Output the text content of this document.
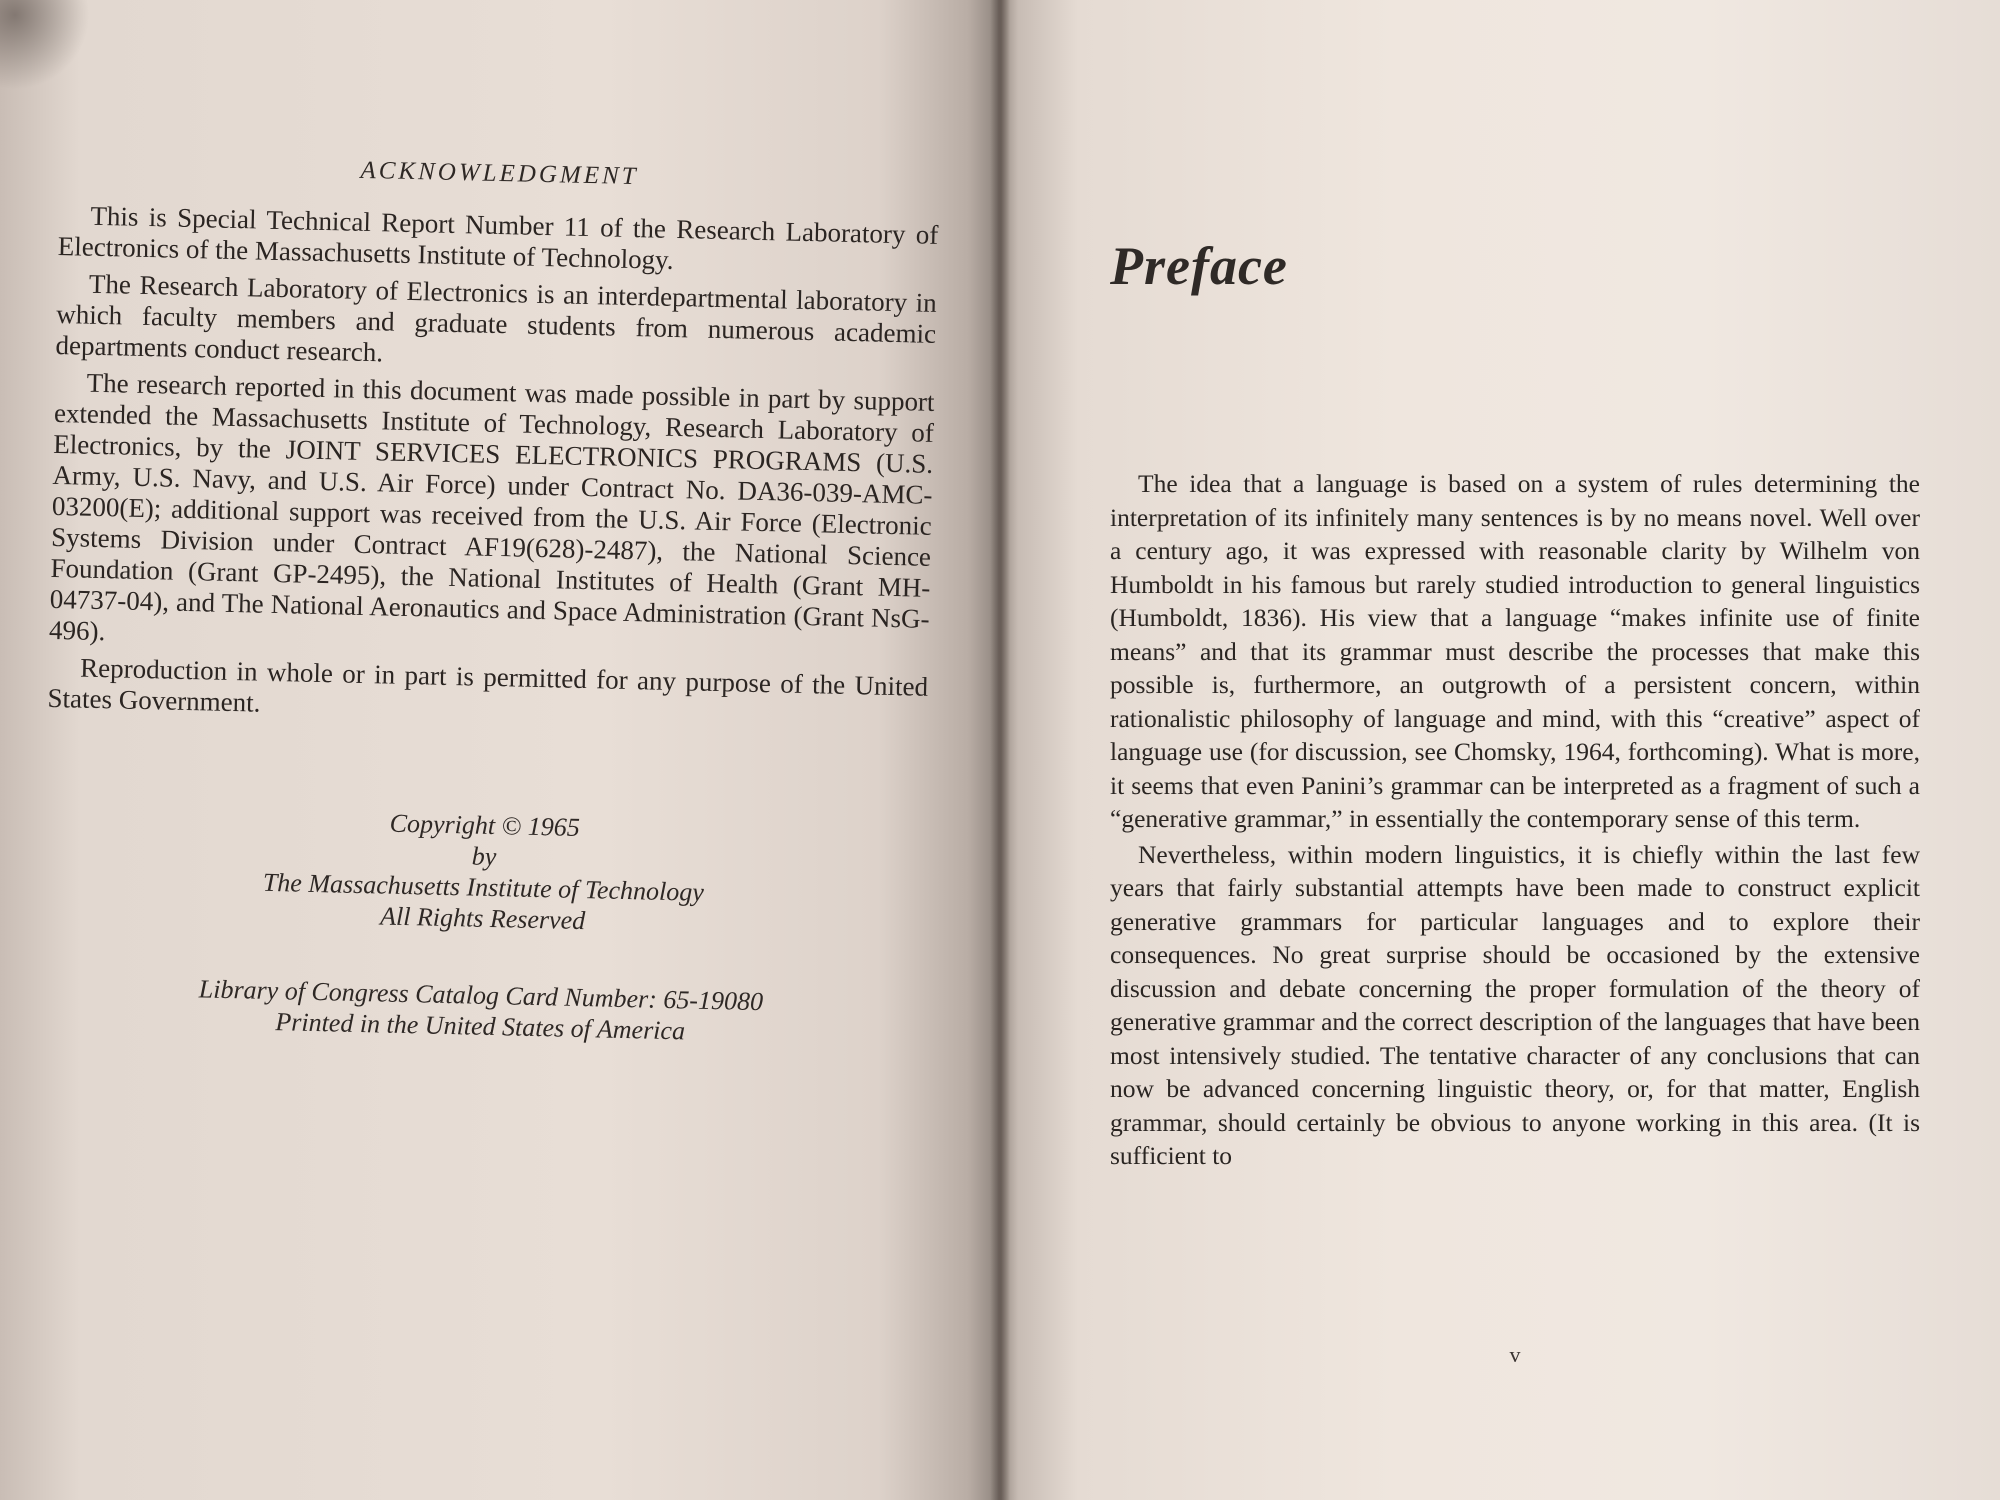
ACKNOWLEDGMENT

This is Special Technical Report Number 11 of the Research Laboratory of Electronics of the Massachusetts Institute of Technology.

The Research Laboratory of Electronics is an interdepartmental laboratory in which faculty members and graduate students from numerous academic departments conduct research.

The research reported in this document was made possible in part by support extended the Massachusetts Institute of Technology, Research Laboratory of Electronics, by the JOINT SERVICES ELECTRONICS PROGRAMS (U.S. Army, U.S. Navy, and U.S. Air Force) under Contract No. DA36-039-AMC-03200(E); additional support was received from the U.S. Air Force (Electronic Systems Division under Contract AF19(628)-2487), the National Science Foundation (Grant GP-2495), the National Institutes of Health (Grant MH-04737-04), and The National Aeronautics and Space Administration (Grant NsG-496).

Reproduction in whole or in part is permitted for any purpose of the United States Government.

Copyright © 1965
by
The Massachusetts Institute of Technology
All Rights Reserved
Library of Congress Catalog Card Number: 65-19080
Printed in the United States of America
Preface

The idea that a language is based on a system of rules determining the interpretation of its infinitely many sentences is by no means novel. Well over a century ago, it was expressed with reasonable clarity by Wilhelm von Humboldt in his famous but rarely studied introduction to general linguistics (Humboldt, 1836). His view that a language “makes infinite use of finite means” and that its grammar must describe the processes that make this possible is, furthermore, an outgrowth of a persistent concern, within rationalistic philosophy of language and mind, with this “creative” aspect of language use (for discussion, see Chomsky, 1964, forthcoming). What is more, it seems that even Panini’s grammar can be interpreted as a fragment of such a “generative grammar,” in essentially the contemporary sense of this term.

Nevertheless, within modern linguistics, it is chiefly within the last few years that fairly substantial attempts have been made to construct explicit generative grammars for particular languages and to explore their consequences. No great surprise should be occasioned by the extensive discussion and debate concerning the proper formulation of the theory of generative grammar and the correct description of the languages that have been most intensively studied. The tentative character of any conclusions that can now be advanced concerning linguistic theory, or, for that matter, English grammar, should certainly be obvious to anyone working in this area. (It is sufficient to

v
